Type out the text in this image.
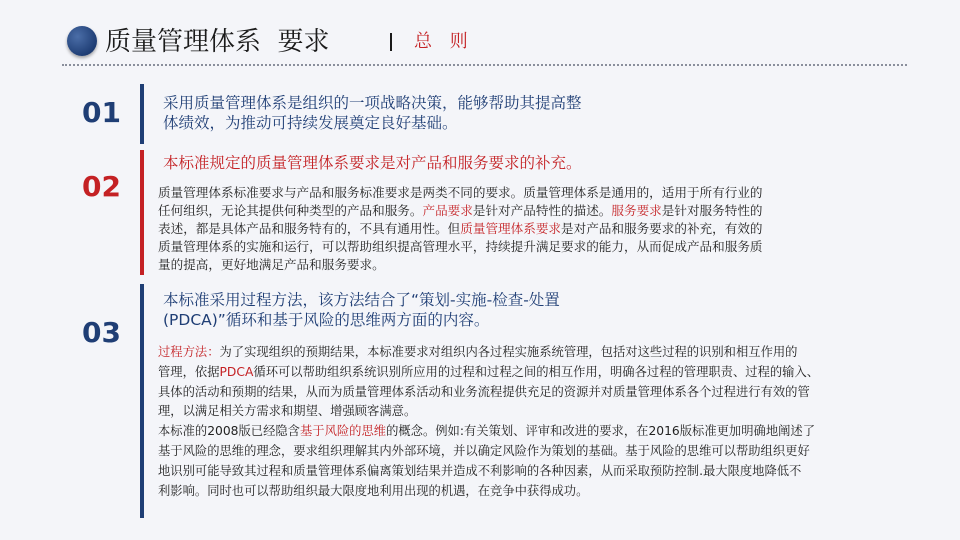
质量管理体系  要求	总 则
01	采用质量管理体系是组织的一项战略决策，能够帮助其提高整
体绩效，为推动可持续发展奠定良好基础。
02
本标准规定的质量管理体系要求是对产品和服务要求的补充。
质量管理体系标准要求与产品和服务标准要求是两类不同的要求。质量管理体系是通用的，适用于所有行业的
任何组织，无论其提供何种类型的产品和服务。产品要求是针对产品特性的描述。服务要求是针对服务特性的
表述，都是具体产品和服务特有的，不具有通用性。但质量管理体系要求是对产品和服务要求的补充，有效的
质量管理体系的实施和运行，可以帮助组织提高管理水平，持续提升满足要求的能力，从而促成产品和服务质
量的提高，更好地满足产品和服务要求。
03
本标准采用过程方法，该方法结合了“策划-实施-检查-处置
(PDCA)”循环和基于风险的思维两方面的内容。
过程方法：为了实现组织的预期结果，本标准要求对组织内各过程实施系统管理，包括对这些过程的识别和相互作用的
管理，依据PDCA循环可以帮助组织系统识别所应用的过程和过程之间的相互作用，明确各过程的管理职责、过程的输入、
具体的活动和预期的结果，从而为质量管理体系活动和业务流程提供充足的资源并对质量管理体系各个过程进行有效的管
理，以满足相关方需求和期望、增强顾客满意。
本标准的2008版已经隐含基于风险的思维的概念。例如:有关策划、评审和改进的要求，在2016版标准更加明确地阐述了
基于风险的思维的理念，要求组织理解其内外部环境，并以确定风险作为策划的基础。基于风险的思维可以帮助组织更好
地识别可能导致其过程和质量管理体系偏离策划结果并造成不利影响的各种因素，从而采取预防控制.最大限度地降低不
利影响。同时也可以帮助组织最大限度地利用出现的机遇，在竞争中获得成功。
